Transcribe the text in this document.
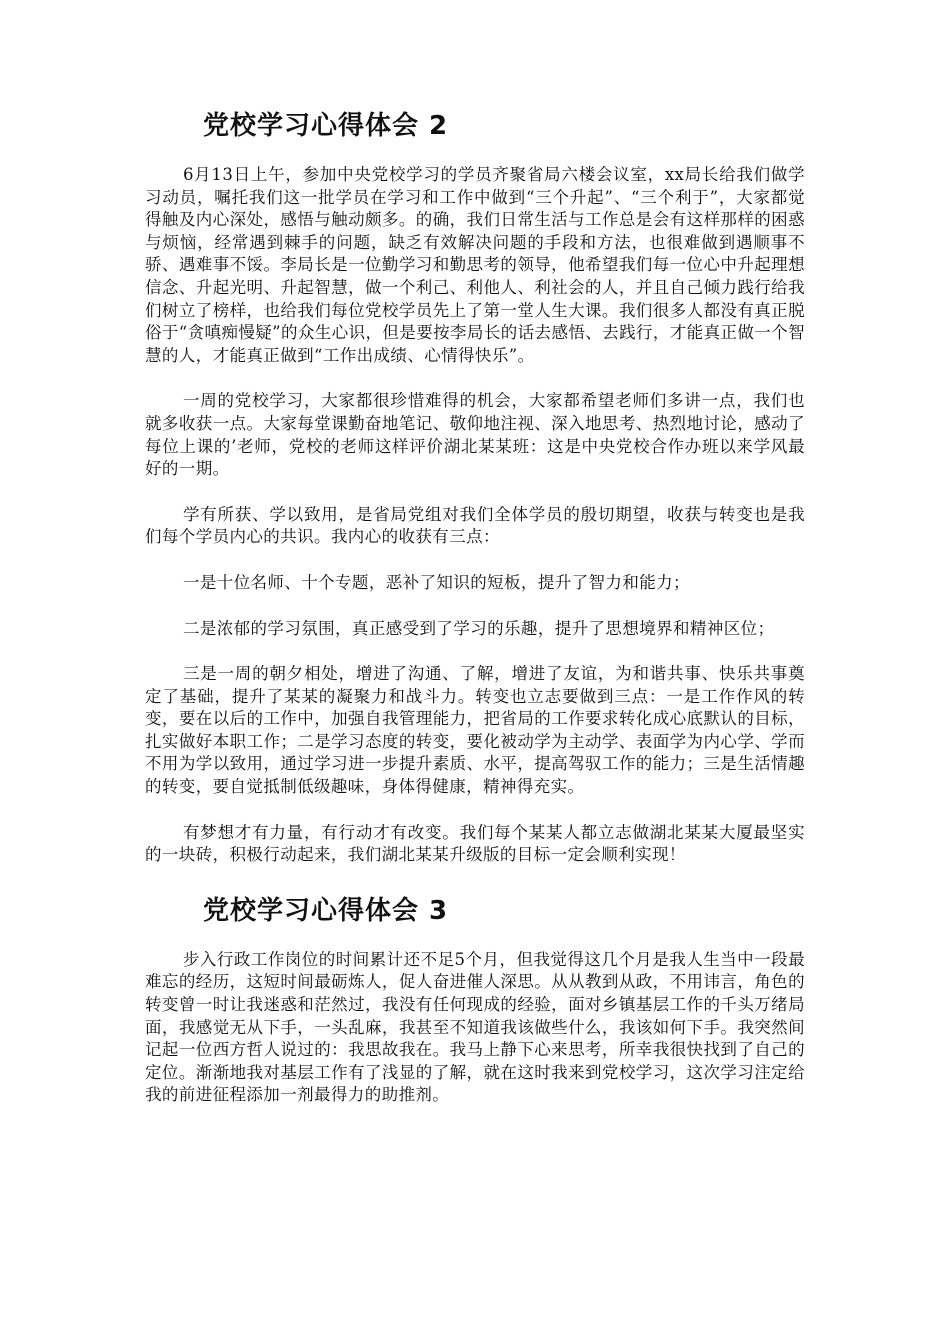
党校学习心得体会 2

6月13日上午，参加中央党校学习的学员齐聚省局六楼会议室，xx局长给我们做学习动员，嘱托我们这一批学员在学习和工作中做到“三个升起”、“三个利于”，大家都觉得触及内心深处，感悟与触动颇多。的确，我们日常生活与工作总是会有这样那样的困惑与烦恼，经常遇到棘手的问题，缺乏有效解决问题的手段和方法，也很难做到遇顺事不骄、遇难事不馁。李局长是一位勤学习和勤思考的领导，他希望我们每一位心中升起理想信念、升起光明、升起智慧，做一个利己、利他人、利社会的人，并且自己倾力践行给我们树立了榜样，也给我们每位党校学员先上了第一堂人生大课。我们很多人都没有真正脱俗于“贪嗔痴慢疑”的众生心识，但是要按李局长的话去感悟、去践行，才能真正做一个智慧的人，才能真正做到“工作出成绩、心情得快乐”。

一周的党校学习，大家都很珍惜难得的机会，大家都希望老师们多讲一点，我们也就多收获一点。大家每堂课勤奋地笔记、敬仰地注视、深入地思考、热烈地讨论，感动了每位上课的’老师，党校的老师这样评价湖北某某班：这是中央党校合作办班以来学风最好的一期。

学有所获、学以致用，是省局党组对我们全体学员的殷切期望，收获与转变也是我们每个学员内心的共识。我内心的收获有三点：

一是十位名师、十个专题，恶补了知识的短板，提升了智力和能力；

二是浓郁的学习氛围，真正感受到了学习的乐趣，提升了思想境界和精神区位；

三是一周的朝夕相处，增进了沟通、了解，增进了友谊，为和谐共事、快乐共事奠定了基础，提升了某某的凝聚力和战斗力。转变也立志要做到三点：一是工作作风的转变，要在以后的工作中，加强自我管理能力，把省局的工作要求转化成心底默认的目标，扎实做好本职工作；二是学习态度的转变，要化被动学为主动学、表面学为内心学、学而不用为学以致用，通过学习进一步提升素质、水平，提高驾驭工作的能力；三是生活情趣的转变，要自觉抵制低级趣味，身体得健康，精神得充实。

有梦想才有力量，有行动才有改变。我们每个某某人都立志做湖北某某大厦最坚实的一块砖，积极行动起来，我们湖北某某升级版的目标一定会顺利实现！

党校学习心得体会 3

步入行政工作岗位的时间累计还不足5个月，但我觉得这几个月是我人生当中一段最难忘的经历，这短时间最砺炼人，促人奋进催人深思。从从教到从政，不用讳言，角色的转变曾一时让我迷惑和茫然过，我没有任何现成的经验，面对乡镇基层工作的千头万绪局面，我感觉无从下手，一头乱麻，我甚至不知道我该做些什么，我该如何下手。我突然间记起一位西方哲人说过的：我思故我在。我马上静下心来思考，所幸我很快找到了自己的定位。渐渐地我对基层工作有了浅显的了解，就在这时我来到党校学习，这次学习注定给我的前进征程添加一剂最得力的助推剂。
